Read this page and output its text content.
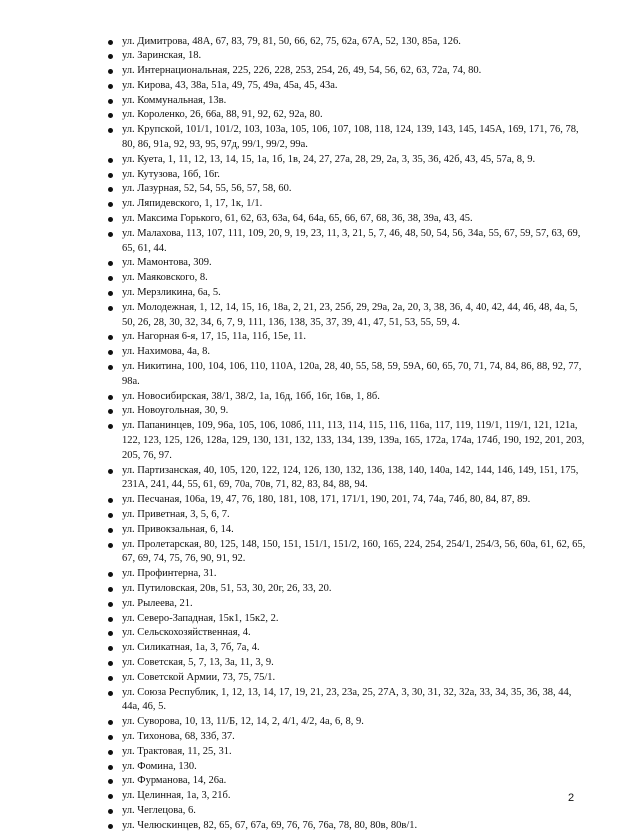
ул. Димитрова, 48А, 67, 83, 79, 81, 50, 66, 62, 75, 62а, 67А, 52, 130, 85а, 126.
ул. Заринская, 18.
ул. Интернациональная, 225, 226, 228, 253, 254, 26, 49, 54, 56, 62, 63, 72а, 74, 80.
ул. Кирова, 43, 38а, 51а, 49, 75, 49а, 45а, 45, 43а.
ул. Коммунальная, 13в.
ул. Короленко, 26, 66а, 88, 91, 92, 62, 92а, 80.
ул. Крупской, 101/1, 101/2, 103, 103а, 105, 106, 107, 108, 118, 124, 139, 143, 145, 145А, 169, 171, 76, 78, 80, 86, 91а, 92, 93, 95, 97д, 99/1, 99/2, 99а.
ул. Куета, 1, 11, 12, 13, 14, 15, 1а, 1б, 1в, 24, 27, 27а, 28, 29, 2а, 3, 35, 36, 42б, 43, 45, 57а, 8, 9.
ул. Кутузова, 16б, 16г.
ул. Лазурная, 52, 54, 55, 56, 57, 58, 60.
ул. Ляпидевского, 1, 17, 1к, 1/1.
ул. Максима Горького, 61, 62, 63, 63а, 64, 64а, 65, 66, 67, 68, 36, 38, 39а, 43, 45.
ул. Малахова, 113, 107, 111, 109, 20, 9, 19, 23, 11, 3, 21, 5, 7, 46, 48, 50, 54, 56, 34а, 55, 67, 59, 57, 63, 69, 65, 61, 44.
ул. Мамонтова, 309.
ул. Маяковского, 8.
ул. Мерзликина, 6а, 5.
ул. Молодежная, 1, 12, 14, 15, 16, 18а, 2, 21, 23, 25б, 29, 29а, 2а, 20, 3, 38, 36, 4, 40, 42, 44, 46, 48, 4а, 5, 50, 26, 28, 30, 32, 34, 6, 7, 9, 111, 136, 138, 35, 37, 39, 41, 47, 51, 53, 55, 59, 4.
ул. Нагорная 6-я, 17, 15, 11а, 11б, 15е, 11.
ул. Нахимова, 4а, 8.
ул. Никитина, 100, 104, 106, 110, 110А, 120а, 28, 40, 55, 58, 59, 59А, 60, 65, 70, 71, 74, 84, 86, 88, 92, 77, 98а.
ул. Новосибирская, 38/1, 38/2, 1а, 16д, 16б, 16г, 16в, 1, 8б.
ул. Новоугольная, 30, 9.
ул. Папанинцев, 109, 96а, 105, 106, 108б, 111, 113, 114, 115, 116, 116а, 117, 119, 119/1, 119/1, 121, 121а, 122, 123, 125, 126, 128а, 129, 130, 131, 132, 133, 134, 139, 139а, 165, 172а, 174а, 174б, 190, 192, 201, 203, 205, 76, 97.
ул. Партизанская, 40, 105, 120, 122, 124, 126, 130, 132, 136, 138, 140, 140а, 142, 144, 146, 149, 151, 175, 231А, 241, 44, 55, 61, 69, 70а, 70в, 71, 82, 83, 84, 88, 94.
ул. Песчаная, 106а, 19, 47, 76, 180, 181, 108, 171, 171/1, 190, 201, 74, 74а, 74б, 80, 84, 87, 89.
ул. Приветная, 3, 5, 6, 7.
ул. Привокзальная, 6, 14.
ул. Пролетарская, 80, 125, 148, 150, 151, 151/1, 151/2, 160, 165, 224, 254, 254/1, 254/3, 56, 60а, 61, 62, 65, 67, 69, 74, 75, 76, 90, 91, 92.
ул. Профинтерна, 31.
ул. Путиловская, 20в, 51, 53, 30, 20г, 26, 33, 20.
ул. Рылеева, 21.
ул. Северо-Западная, 15к1, 15к2, 2.
ул. Сельскохозяйственная, 4.
ул. Силикатная, 1а, 3, 7б, 7а, 4.
ул. Советская, 5, 7, 13, 3а, 11, 3, 9.
ул. Советской Армии, 73, 75, 75/1.
ул. Союза Республик, 1, 12, 13, 14, 17, 19, 21, 23, 23а, 25, 27А, 3, 30, 31, 32, 32а, 33, 34, 35, 36, 38, 44, 44а, 46, 5.
ул. Суворова, 10, 13, 11/Б, 12, 14, 2, 4/1, 4/2, 4а, 6, 8, 9.
ул. Тихонова, 68, 33б, 37.
ул. Трактовая, 11, 25, 31.
ул. Фомина, 130.
ул. Фурманова, 14, 26а.
ул. Целинная, 1а, 3, 21б.
ул. Чеглецова, 6.
ул. Челюскинцев, 82, 65, 67, 67а, 69, 76, 76, 76а, 78, 80, 80в, 80в/1.
2
